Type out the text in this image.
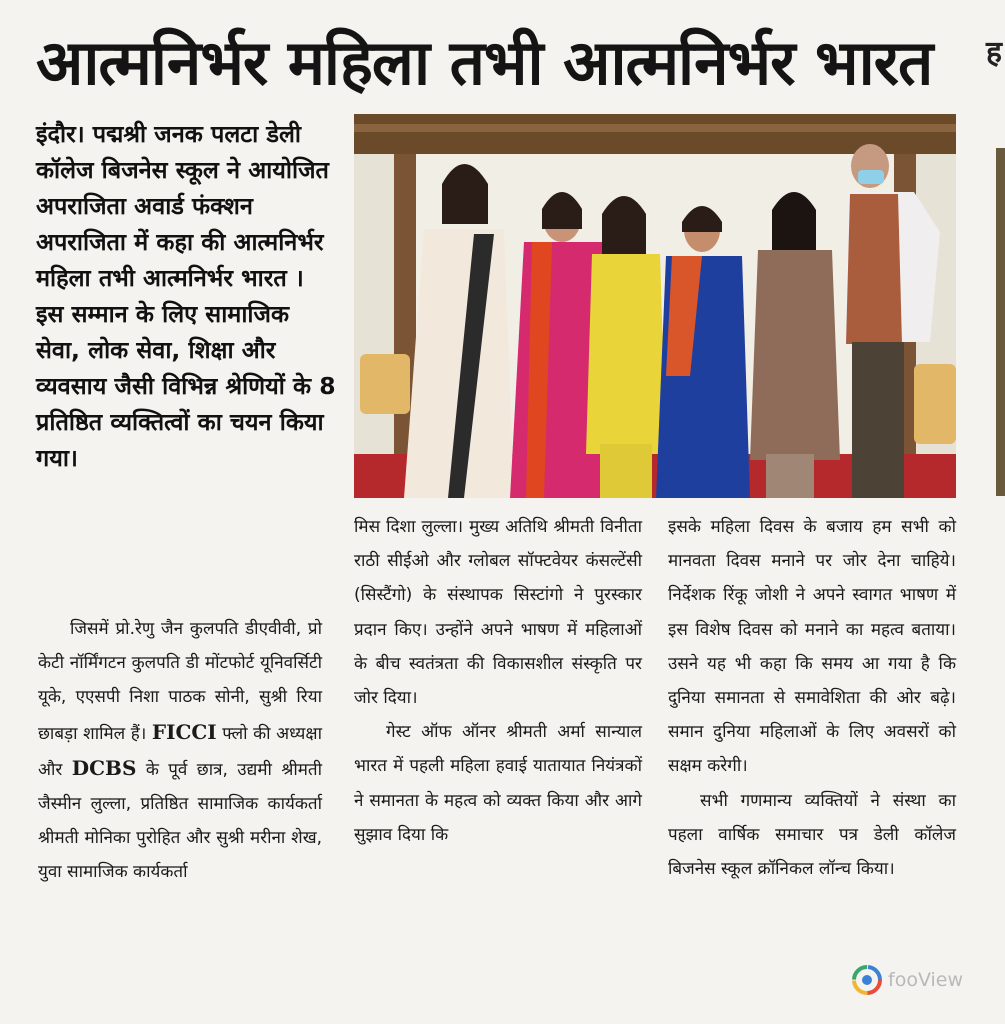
आत्मनिर्भर महिला तभी आत्मनिर्भर भारत	ह
इंदौर। पद्मश्री जनक पलटा डेली कॉलेज बिजनेस स्कूल ने आयोजित अपराजिता अवार्ड फंक्शन अपराजिता में कहा की आत्मनिर्भर महिला तभी आत्मनिर्भर भारत । इस सम्मान के लिए सामाजिक सेवा, लोक सेवा, शिक्षा और व्यवसाय जैसी विभिन्न श्रेणियों के 8 प्रतिष्ठित व्यक्तित्वों का चयन किया गया।

जिसमें प्रो.रेणु जैन कुलपति डीएवीवी, प्रो केटी नॉर्मिंगटन कुलपति डी मोंटफोर्ट यूनिवर्सिटी यूके, एएसपी निशा पाठक सोनी, सुश्री रिया छाबड़ा शामिल हैं। FICCI फ्लो की अध्यक्षा और DCBS के पूर्व छात्र, उद्यमी श्रीमती जैस्मीन लुल्ला, प्रतिष्ठित सामाजिक कार्यकर्ता श्रीमती मोनिका पुरोहित और सुश्री मरीना शेख, युवा सामाजिक कार्यकर्ता

मिस दिशा लुल्ला। मुख्य अतिथि श्रीमती विनीता राठी सीईओ और ग्लोबल सॉफ्टवेयर कंसल्टेंसी (सिस्टैंगो) के संस्थापक सिस्टांगो ने पुरस्कार प्रदान किए। उन्होंने अपने भाषण में महिलाओं के बीच स्वतंत्रता की विकासशील संस्कृति पर जोर दिया।

गेस्ट ऑफ ऑनर श्रीमती अर्मा सान्याल भारत में पहली महिला हवाई यातायात नियंत्रकों ने समानता के महत्व को व्यक्त किया और आगे सुझाव दिया कि

इसके महिला दिवस के बजाय हम सभी को मानवता दिवस मनाने पर जोर देना चाहिये।निर्देशक रिंकू जोशी ने अपने स्वागत भाषण में इस विशेष दिवस को मनाने का महत्व बताया। उसने यह भी कहा कि समय आ गया है कि दुनिया समानता से समावेशिता की ओर बढ़े। समान दुनिया महिलाओं के लिए अवसरों को सक्षम करेगी।

सभी गणमान्य व्यक्तियों ने संस्था का पहला वार्षिक समाचार पत्र डेली कॉलेज बिजनेस स्कूल क्रॉनिकल लॉन्च किया।

fooView
